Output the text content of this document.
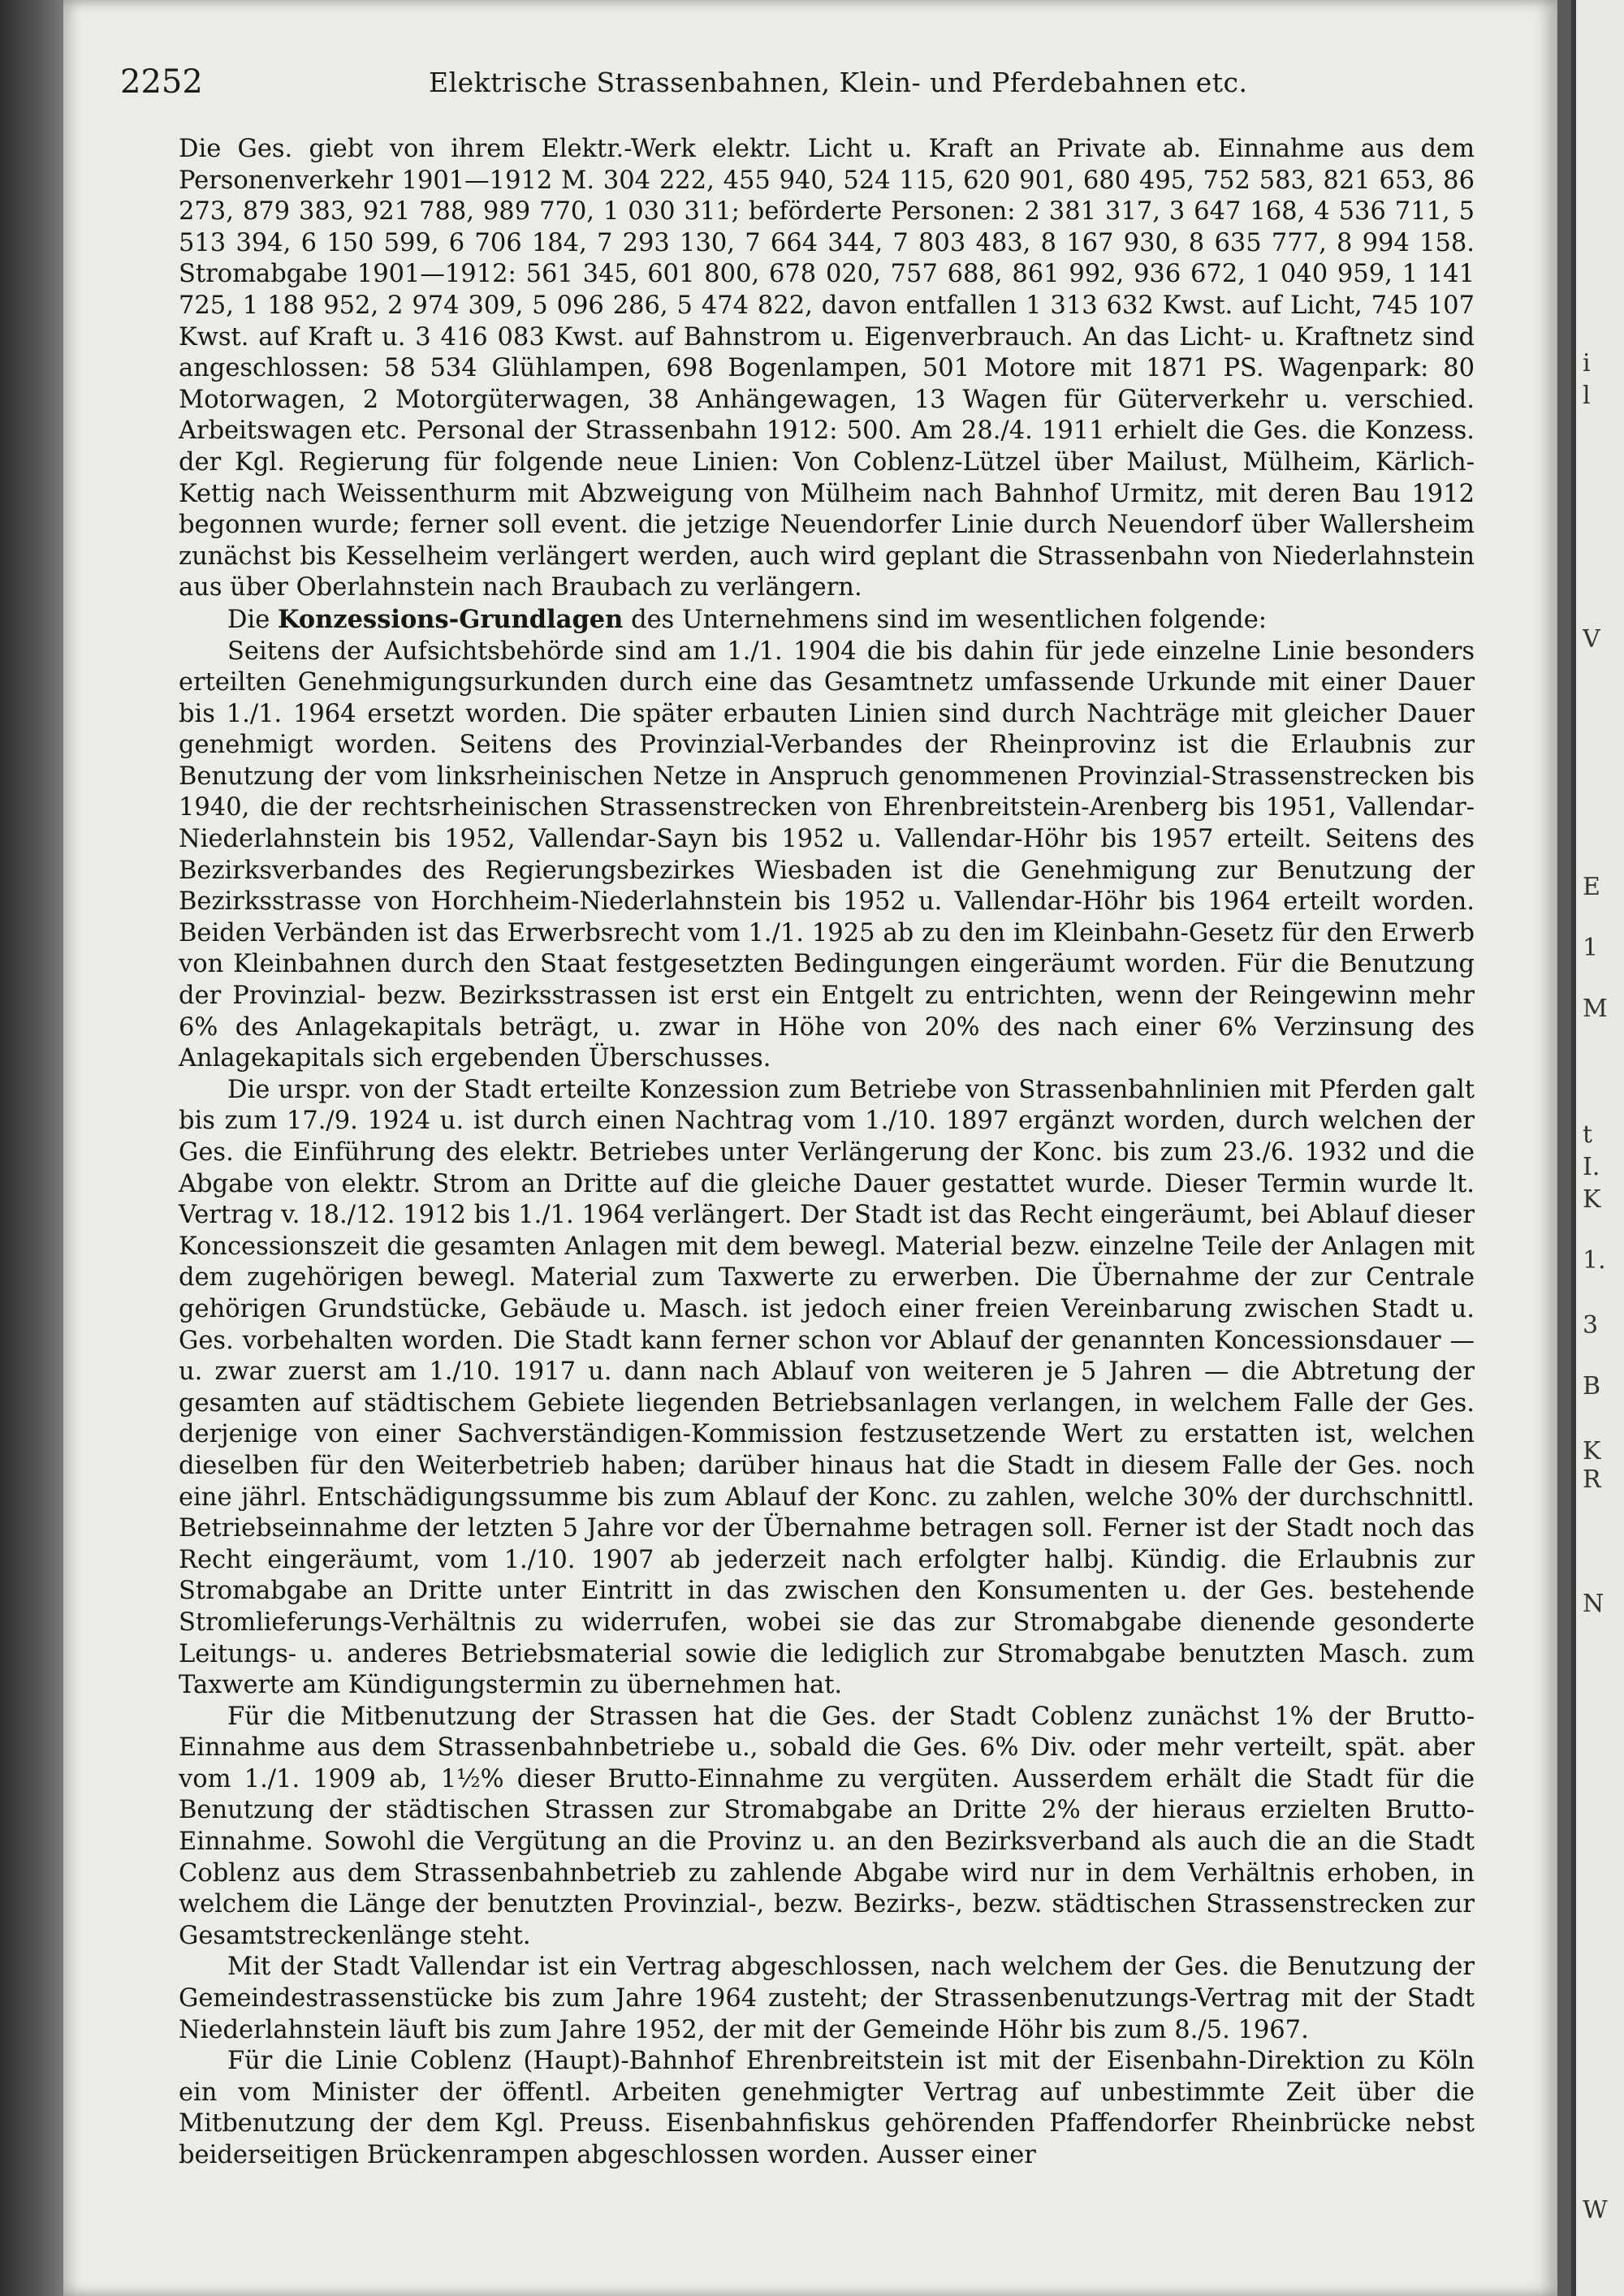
i
l
V
E
1
M
t
I.
K
1.
3
B
K
R
N
W
2252	Elektrische Strassenbahnen, Klein- und Pferdebahnen etc.

Die Ges. giebt von ihrem Elektr.-Werk elektr. Licht u. Kraft an Private ab. Einnahme aus dem Personenverkehr 1901—1912 M. 304 222, 455 940, 524 115, 620 901, 680 495, 752 583, 821 653, 86 273, 879 383, 921 788, 989 770, 1 030 311; beförderte Personen: 2 381 317, 3 647 168, 4 536 711, 5 513 394, 6 150 599, 6 706 184, 7 293 130, 7 664 344, 7 803 483, 8 167 930, 8 635 777, 8 994 158. Stromabgabe 1901—1912: 561 345, 601 800, 678 020, 757 688, 861 992, 936 672, 1 040 959, 1 141 725, 1 188 952, 2 974 309, 5 096 286, 5 474 822, davon entfallen 1 313 632 Kwst. auf Licht, 745 107 Kwst. auf Kraft u. 3 416 083 Kwst. auf Bahnstrom u. Eigenverbrauch. An das Licht- u. Kraftnetz sind angeschlossen: 58 534 Glühlampen, 698 Bogenlampen, 501 Motore mit 1871 PS. Wagenpark: 80 Motorwagen, 2 Motorgüterwagen, 38 Anhängewagen, 13 Wagen für Güterverkehr u. verschied. Arbeitswagen etc. Personal der Strassenbahn 1912: 500. Am 28./4. 1911 erhielt die Ges. die Konzess. der Kgl. Regierung für folgende neue Linien: Von Coblenz-Lützel über Mailust, Mülheim, Kärlich-Kettig nach Weissenthurm mit Abzweigung von Mülheim nach Bahnhof Urmitz, mit deren Bau 1912 begonnen wurde; ferner soll event. die jetzige Neuendorfer Linie durch Neuendorf über Wallersheim zunächst bis Kesselheim verlängert werden, auch wird geplant die Strassenbahn von Niederlahnstein aus über Oberlahnstein nach Braubach zu verlängern.

Die Konzessions-Grundlagen des Unternehmens sind im wesentlichen folgende:

Seitens der Aufsichtsbehörde sind am 1./1. 1904 die bis dahin für jede einzelne Linie besonders erteilten Genehmigungsurkunden durch eine das Gesamtnetz umfassende Urkunde mit einer Dauer bis 1./1. 1964 ersetzt worden. Die später erbauten Linien sind durch Nachträge mit gleicher Dauer genehmigt worden. Seitens des Provinzial-Verbandes der Rheinprovinz ist die Erlaubnis zur Benutzung der vom linksrheinischen Netze in Anspruch genommenen Provinzial-Strassenstrecken bis 1940, die der rechtsrheinischen Strassenstrecken von Ehrenbreitstein-Arenberg bis 1951, Vallendar-Niederlahnstein bis 1952, Vallendar-Sayn bis 1952 u. Vallendar-Höhr bis 1957 erteilt. Seitens des Bezirksverbandes des Regierungsbezirkes Wiesbaden ist die Genehmigung zur Benutzung der Bezirksstrasse von Horchheim-Niederlahnstein bis 1952 u. Vallendar-Höhr bis 1964 erteilt worden. Beiden Verbänden ist das Erwerbsrecht vom 1./1. 1925 ab zu den im Kleinbahn-Gesetz für den Erwerb von Kleinbahnen durch den Staat festgesetzten Bedingungen eingeräumt worden. Für die Benutzung der Provinzial- bezw. Bezirksstrassen ist erst ein Entgelt zu entrichten, wenn der Reingewinn mehr 6% des Anlagekapitals beträgt, u. zwar in Höhe von 20% des nach einer 6% Verzinsung des Anlagekapitals sich ergebenden Überschusses.

Die urspr. von der Stadt erteilte Konzession zum Betriebe von Strassenbahnlinien mit Pferden galt bis zum 17./9. 1924 u. ist durch einen Nachtrag vom 1./10. 1897 ergänzt worden, durch welchen der Ges. die Einführung des elektr. Betriebes unter Verlängerung der Konc. bis zum 23./6. 1932 und die Abgabe von elektr. Strom an Dritte auf die gleiche Dauer gestattet wurde. Dieser Termin wurde lt. Vertrag v. 18./12. 1912 bis 1./1. 1964 verlängert. Der Stadt ist das Recht eingeräumt, bei Ablauf dieser Koncessionszeit die gesamten Anlagen mit dem bewegl. Material bezw. einzelne Teile der Anlagen mit dem zugehörigen bewegl. Material zum Taxwerte zu erwerben. Die Übernahme der zur Centrale gehörigen Grundstücke, Gebäude u. Masch. ist jedoch einer freien Vereinbarung zwischen Stadt u. Ges. vorbehalten worden. Die Stadt kann ferner schon vor Ablauf der genannten Koncessionsdauer — u. zwar zuerst am 1./10. 1917 u. dann nach Ablauf von weiteren je 5 Jahren — die Abtretung der gesamten auf städtischem Gebiete liegenden Betriebsanlagen verlangen, in welchem Falle der Ges. derjenige von einer Sachverständigen-Kommission festzusetzende Wert zu erstatten ist, welchen dieselben für den Weiterbetrieb haben; darüber hinaus hat die Stadt in diesem Falle der Ges. noch eine jährl. Entschädigungssumme bis zum Ablauf der Konc. zu zahlen, welche 30% der durchschnittl. Betriebseinnahme der letzten 5 Jahre vor der Übernahme betragen soll. Ferner ist der Stadt noch das Recht eingeräumt, vom 1./10. 1907 ab jederzeit nach erfolgter halbj. Kündig. die Erlaubnis zur Stromabgabe an Dritte unter Eintritt in das zwischen den Konsumenten u. der Ges. bestehende Stromlieferungs-Verhältnis zu widerrufen, wobei sie das zur Stromabgabe dienende gesonderte Leitungs- u. anderes Betriebsmaterial sowie die lediglich zur Stromabgabe benutzten Masch. zum Taxwerte am Kündigungstermin zu übernehmen hat.

Für die Mitbenutzung der Strassen hat die Ges. der Stadt Coblenz zunächst 1% der Brutto-Einnahme aus dem Strassenbahnbetriebe u., sobald die Ges. 6% Div. oder mehr verteilt, spät. aber vom 1./1. 1909 ab, 1½% dieser Brutto-Einnahme zu vergüten. Ausserdem erhält die Stadt für die Benutzung der städtischen Strassen zur Stromabgabe an Dritte 2% der hieraus erzielten Brutto-Einnahme. Sowohl die Vergütung an die Provinz u. an den Bezirksverband als auch die an die Stadt Coblenz aus dem Strassenbahnbetrieb zu zahlende Abgabe wird nur in dem Verhältnis erhoben, in welchem die Länge der benutzten Provinzial-, bezw. Bezirks-, bezw. städtischen Strassenstrecken zur Gesamtstreckenlänge steht.

Mit der Stadt Vallendar ist ein Vertrag abgeschlossen, nach welchem der Ges. die Benutzung der Gemeindestrassenstücke bis zum Jahre 1964 zusteht; der Strassenbenutzungs-Vertrag mit der Stadt Niederlahnstein läuft bis zum Jahre 1952, der mit der Gemeinde Höhr bis zum 8./5. 1967.

Für die Linie Coblenz (Haupt)-Bahnhof Ehrenbreitstein ist mit der Eisenbahn-Direktion zu Köln ein vom Minister der öffentl. Arbeiten genehmigter Vertrag auf unbestimmte Zeit über die Mitbenutzung der dem Kgl. Preuss. Eisenbahnfiskus gehörenden Pfaffendorfer Rheinbrücke nebst beiderseitigen Brückenrampen abgeschlossen worden. Ausser einer
